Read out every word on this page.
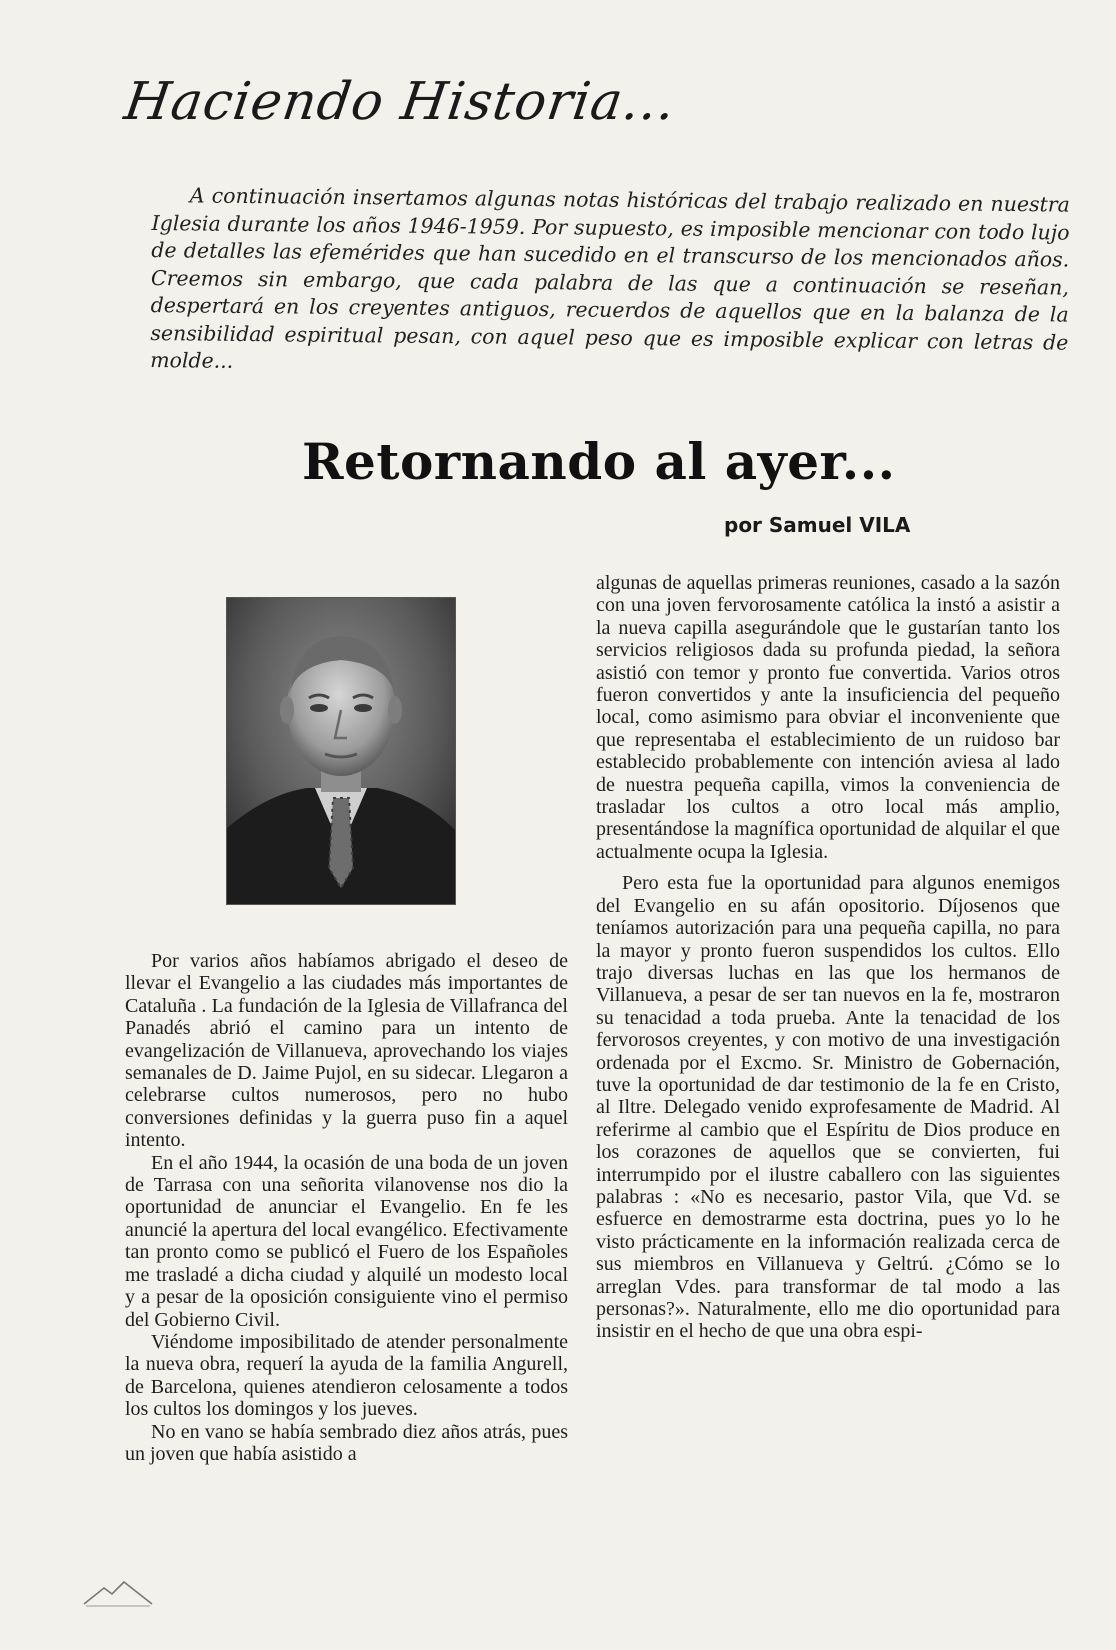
Haciendo Historia...
A continuación insertamos algunas notas históricas del trabajo realizado en nuestra Iglesia durante los años 1946-1959. Por supuesto, es imposible mencionar con todo lujo de detalles las efemérides que han sucedido en el transcurso de los mencionados años. Creemos sin embargo, que cada palabra de las que a continuación se reseñan, despertará en los creyentes antiguos, recuerdos de aquellos que en la balanza de la sensibilidad espiritual pesan, con aquel peso que es imposible explicar con letras de molde...
Retornando al ayer...
por Samuel VILA

Por varios años habíamos abrigado el deseo de llevar el Evangelio a las ciudades más importantes de Cataluña . La fundación de la Iglesia de Villafranca del Panadés abrió el camino para un intento de evangelización de Villanueva, aprovechando los viajes semanales de D. Jaime Pujol, en su sidecar. Llegaron a celebrarse cultos numerosos, pero no hubo conversiones definidas y la guerra puso fin a aquel intento.

En el año 1944, la ocasión de una boda de un joven de Tarrasa con una señorita vilanovense nos dio la oportunidad de anunciar el Evangelio. En fe les anuncié la apertura del local evangélico. Efectivamente tan pronto como se publicó el Fuero de los Españoles me trasladé a dicha ciudad y alquilé un modesto local y a pesar de la oposición consiguiente vino el permiso del Gobierno Civil.

Viéndome imposibilitado de atender personalmente la nueva obra, requerí la ayuda de la familia Angurell, de Barcelona, quienes atendieron celosamente a todos los cultos los domingos y los jueves.

No en vano se había sembrado diez años atrás, pues un joven que había asistido a

algunas de aquellas primeras reuniones, casado a la sazón con una joven fervorosamente católica la instó a asistir a la nueva capilla asegurándole que le gustarían tanto los servicios religiosos dada su profunda piedad, la señora asistió con temor y pronto fue convertida. Varios otros fueron convertidos y ante la insuficiencia del pequeño local, como asimismo para obviar el inconveniente que que representaba el establecimiento de un ruidoso bar establecido probablemente con intención aviesa al lado de nuestra pequeña capilla, vimos la conveniencia de trasladar los cultos a otro local más amplio, presentándose la magnífica oportunidad de alquilar el que actualmente ocupa la Iglesia.

Pero esta fue la oportunidad para algunos enemigos del Evangelio en su afán opositorio. Díjosenos que teníamos autorización para una pequeña capilla, no para la mayor y pronto fueron suspendidos los cultos. Ello trajo diversas luchas en las que los hermanos de Villanueva, a pesar de ser tan nuevos en la fe, mostraron su tenacidad a toda prueba. Ante la tenacidad de los fervorosos creyentes, y con motivo de una investigación ordenada por el Excmo. Sr. Ministro de Gobernación, tuve la oportunidad de dar testimonio de la fe en Cristo, al Iltre. Delegado venido exprofesamente de Madrid. Al referirme al cambio que el Espíritu de Dios produce en los corazones de aquellos que se convierten, fui interrumpido por el ilustre caballero con las siguientes palabras : «No es necesario, pastor Vila, que Vd. se esfuerce en demostrarme esta doctrina, pues yo lo he visto prácticamente en la información realizada cerca de sus miembros en Villanueva y Geltrú. ¿Cómo se lo arreglan Vdes. para transformar de tal modo a las personas?». Naturalmente, ello me dio oportunidad para insistir en el hecho de que una obra espi-
